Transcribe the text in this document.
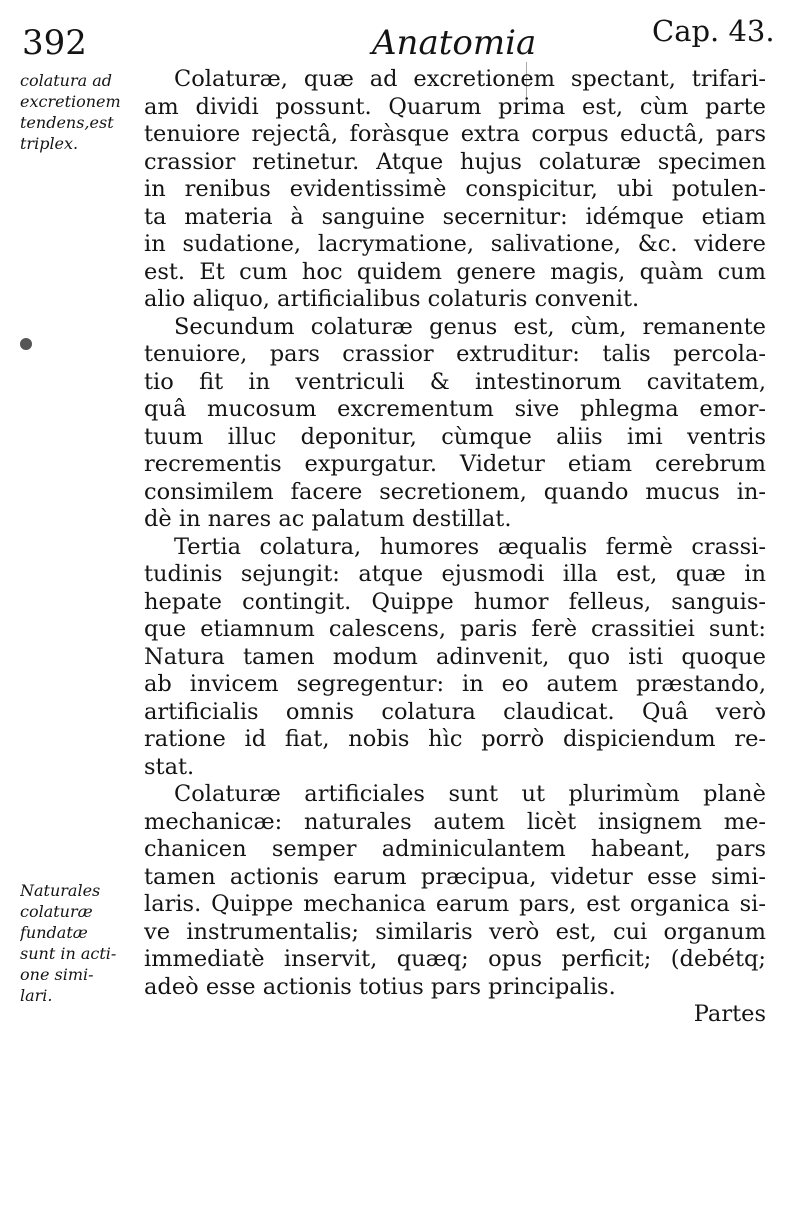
392	Anatomia	Cap. 43.
colatura ad
excretionem
tendens,est
triplex.
Naturales
colaturæ
fundatæ
sunt in acti-
one simi-
lari.
Colaturæ, quæ ad excretionem spectant, trifari-
am dividi possunt. Quarum prima est, cùm parte
tenuiore rejectâ, foràsque extra corpus eductâ, pars
crassior retinetur. Atque hujus colaturæ specimen
in renibus evidentissimè conspicitur, ubi potulen-
ta materia à sanguine secernitur: idémque etiam
in sudatione, lacrymatione, salivatione, &c. videre
est. Et cum hoc quidem genere magis, quàm cum
alio aliquo, artificialibus colaturis convenit.
Secundum colaturæ genus est, cùm, remanente
tenuiore, pars crassior extruditur: talis percola-
tio fit in ventriculi & intestinorum cavitatem,
quâ mucosum excrementum sive phlegma emor-
tuum illuc deponitur, cùmque aliis imi ventris
recrementis expurgatur. Videtur etiam cerebrum
consimilem facere secretionem, quando mucus in-
dè in nares ac palatum destillat.
Tertia colatura, humores æqualis fermè crassi-
tudinis sejungit: atque ejusmodi illa est, quæ in
hepate contingit. Quippe humor felleus, sanguis-
que etiamnum calescens, paris ferè crassitiei sunt:
Natura tamen modum adinvenit, quo isti quoque
ab invicem segregentur: in eo autem præstando,
artificialis omnis colatura claudicat. Quâ verò
ratione id fiat, nobis hìc porrò dispiciendum re-
stat.
Colaturæ artificiales sunt ut plurimùm planè
mechanicæ: naturales autem licèt insignem me-
chanicen semper adminiculantem habeant, pars
tamen actionis earum præcipua, videtur esse simi-
laris. Quippe mechanica earum pars, est organica si-
ve instrumentalis; similaris verò est, cui organum
immediatè inservit, quæq; opus perficit; (debétq;
adeò esse actionis totius pars principalis.
Partes
